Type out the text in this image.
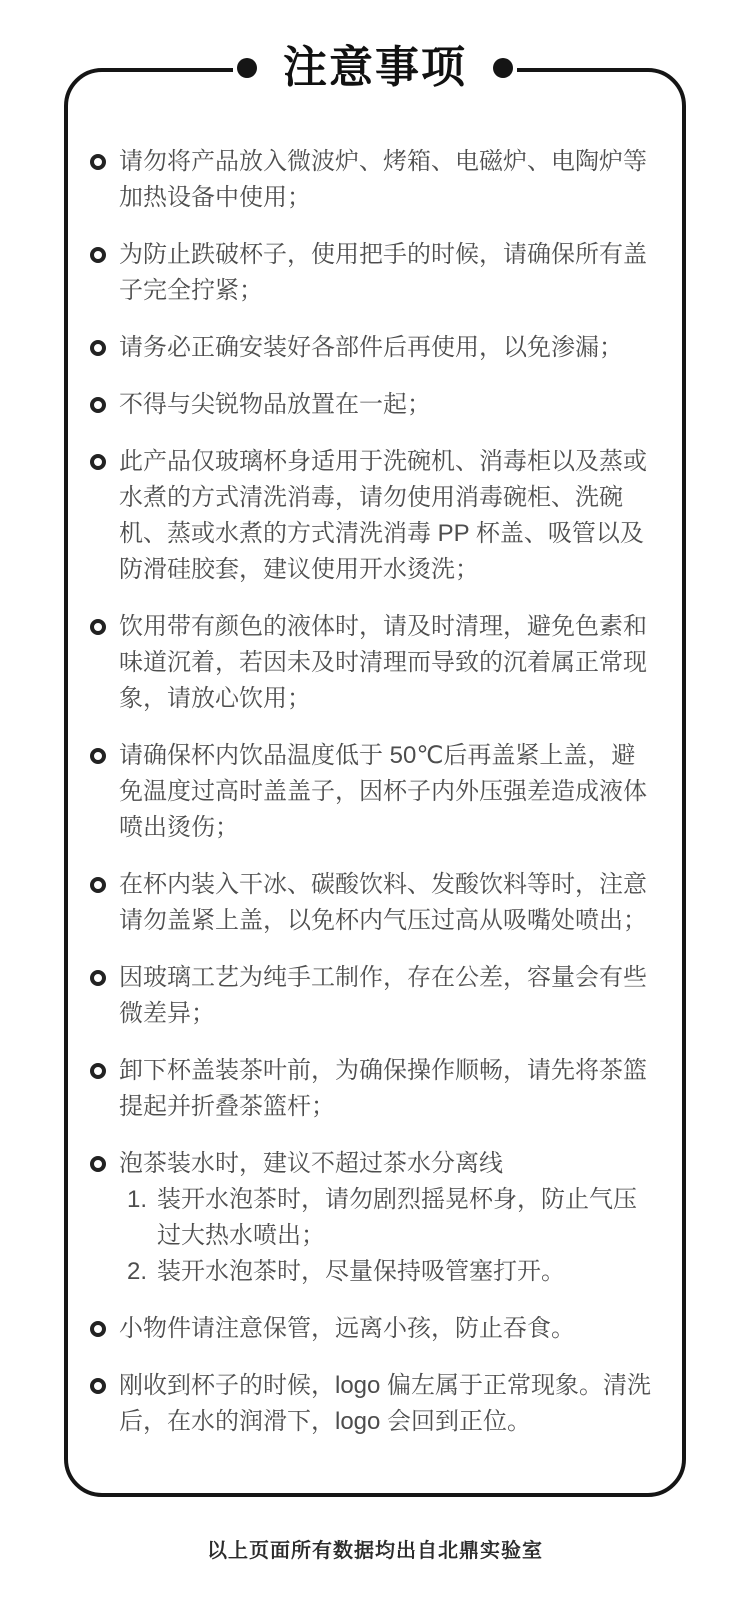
注意事项
请勿将产品放入微波炉、烤箱、电磁炉、电陶炉等加热设备中使用；
为防止跌破杯子，使用把手的时候，请确保所有盖子完全拧紧；
请务必正确安装好各部件后再使用，以免渗漏；
不得与尖锐物品放置在一起；
此产品仅玻璃杯身适用于洗碗机、消毒柜以及蒸或水煮的方式清洗消毒，请勿使用消毒碗柜、洗碗机、蒸或水煮的方式清洗消毒 PP 杯盖、吸管以及防滑硅胶套，建议使用开水烫洗；
饮用带有颜色的液体时，请及时清理，避免色素和味道沉着，若因未及时清理而导致的沉着属正常现象，请放心饮用；
请确保杯内饮品温度低于 50℃后再盖紧上盖，避免温度过高时盖盖子，因杯子内外压强差造成液体喷出烫伤；
在杯内装入干冰、碳酸饮料、发酸饮料等时，注意请勿盖紧上盖，以免杯内气压过高从吸嘴处喷出；
因玻璃工艺为纯手工制作，存在公差，容量会有些微差异；
卸下杯盖装茶叶前，为确保操作顺畅，请先将茶篮提起并折叠茶篮杆；
泡茶装水时，建议不超过茶水分离线
1. 装开水泡茶时，请勿剧烈摇晃杯身，防止气压过大热水喷出；
2. 装开水泡茶时，尽量保持吸管塞打开。
小物件请注意保管，远离小孩，防止吞食。
刚收到杯子的时候，logo 偏左属于正常现象。清洗后，在水的润滑下，logo 会回到正位。
以上页面所有数据均出自北鼎实验室
